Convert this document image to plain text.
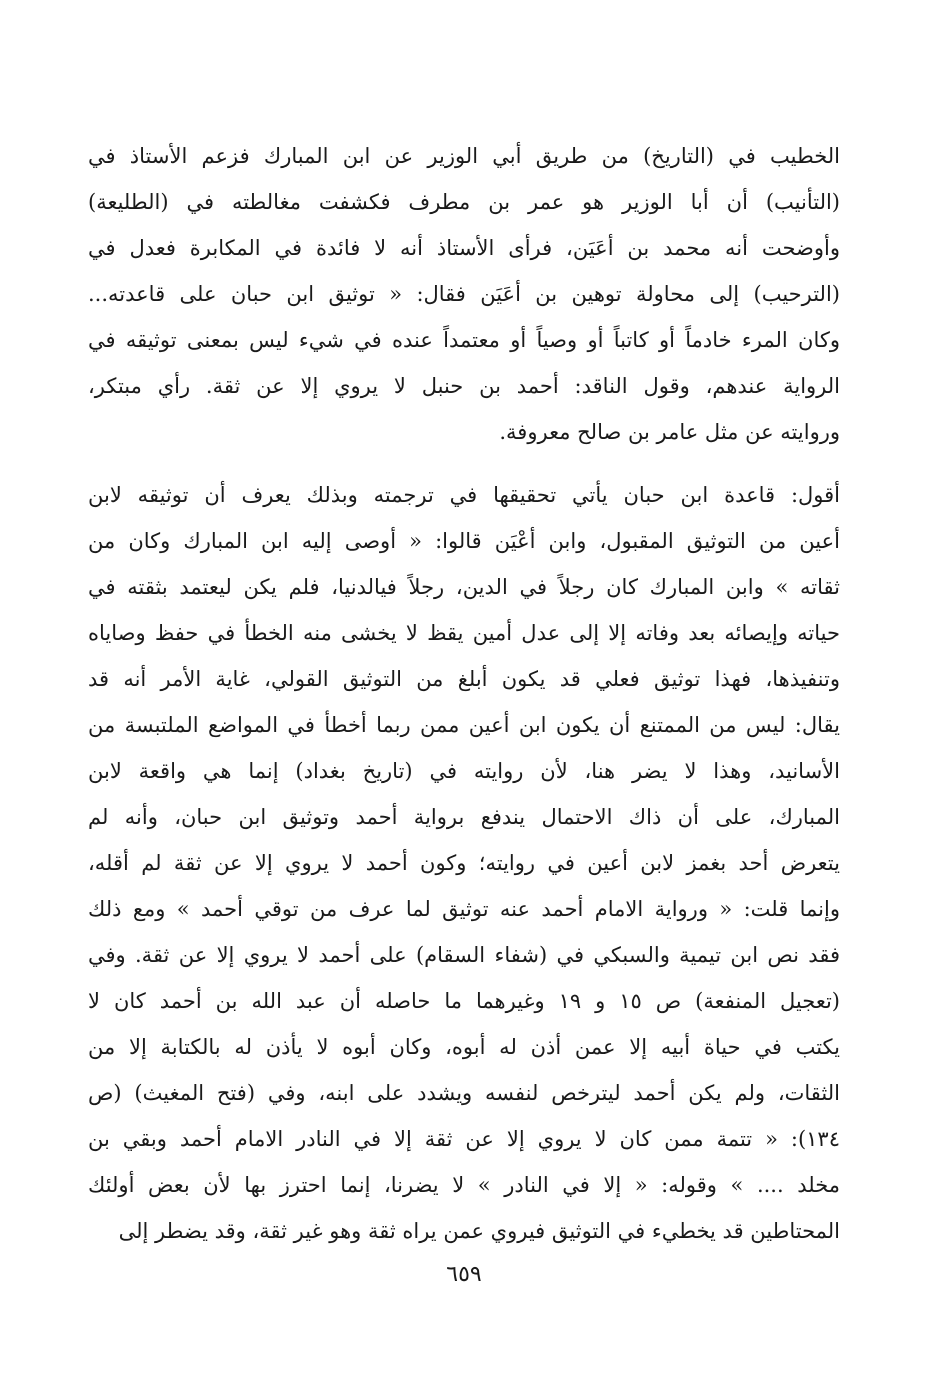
الخطيب في (التاريخ) من طريق أبي الوزير عن ابن المبارك فزعم الأستاذ في
(التأنيب) أن أبا الوزير هو عمر بن مطرف فكشفت مغالطته في (الطليعة)
وأوضحت أنه محمد بن أعَيَن، فرأى الأستاذ أنه لا فائدة في المكابرة فعدل في
(الترحيب) إلى محاولة توهين بن أعَيَن فقال: « توثيق ابن حبان على قاعدته...
وكان المرء خادماً أو كاتباً أو وصياً أو معتمداً عنده في شيء ليس بمعنى توثيقه في
الرواية عندهم، وقول الناقد: أحمد بن حنبل لا يروي إلا عن ثقة. رأي مبتكر،
وروايته عن مثل عامر بن صالح معروفة.
أقول: قاعدة ابن حبان يأتي تحقيقها في ترجمته وبذلك يعرف أن توثيقه لابن
أعين من التوثيق المقبول، وابن أعْيَن قالوا: « أوصى إليه ابن المبارك وكان من
ثقاته » وابن المبارك كان رجلاً في الدين، رجلاً فيالدنيا، فلم يكن ليعتمد بثقته في
حياته وإيصائه بعد وفاته إلا إلى عدل أمين يقظ لا يخشى منه الخطأ في حفظ وصاياه
وتنفيذها، فهذا توثيق فعلي قد يكون أبلغ من التوثيق القولي، غاية الأمر أنه قد
يقال: ليس من الممتنع أن يكون ابن أعين ممن ربما أخطأ في المواضع الملتبسة من
الأسانيد، وهذا لا يضر هنا، لأن روايته في (تاريخ بغداد) إنما هي واقعة لابن
المبارك، على أن ذاك الاحتمال يندفع برواية أحمد وتوثيق ابن حبان، وأنه لم
يتعرض أحد بغمز لابن أعين في روايته؛ وكون أحمد لا يروي إلا عن ثقة لم أقله،
وإنما قلت: « ورواية الامام أحمد عنه توثيق لما عرف من توقي أحمد » ومع ذلك
فقد نص ابن تيمية والسبكي في (شفاء السقام) على أحمد لا يروي إلا عن ثقة. وفي
(تعجيل المنفعة) ص ١٥ و ١٩ وغيرهما ما حاصله أن عبد الله بن أحمد كان لا
يكتب في حياة أبيه إلا عمن أذن له أبوه، وكان أبوه لا يأذن له بالكتابة إلا من
الثقات، ولم يكن أحمد ليترخص لنفسه ويشدد على ابنه، وفي (فتح المغيث) (ص
١٣٤): « تتمة ممن كان لا يروي إلا عن ثقة إلا في النادر الامام أحمد وبقي بن
مخلد .... » وقوله: « إلا في النادر » لا يضرنا، إنما احترز بها لأن بعض أولئك
المحتاطين قد يخطيء في التوثيق فيروي عمن يراه ثقة وهو غير ثقة، وقد يضطر إلى
٦٥٩
